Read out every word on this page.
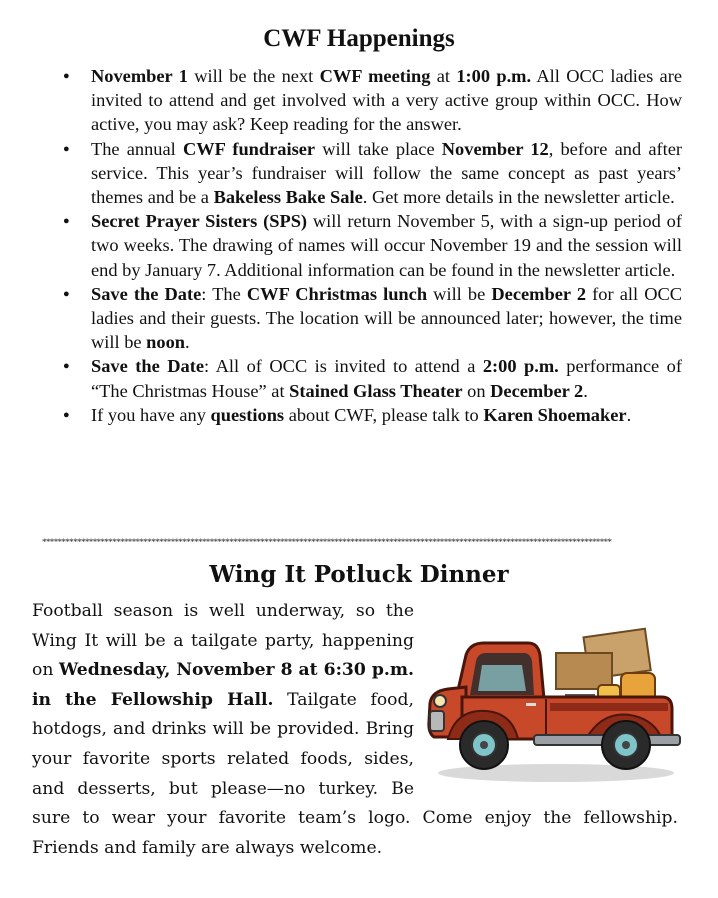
CWF Happenings
● November 1 will be the next CWF meeting at 1:00 p.m. All OCC ladies are invited to attend and get involved with a very active group within OCC. How active, you may ask? Keep reading for the answer.
● The annual CWF fundraiser will take place November 12, before and after service. This year’s fundraiser will follow the same concept as past years’ themes and be a Bakeless Bake Sale. Get more details in the newsletter article.
● Secret Prayer Sisters (SPS) will return November 5, with a sign-up period of two weeks. The drawing of names will occur November 19 and the session will end by January 7. Additional information can be found in the newsletter article.
● Save the Date: The CWF Christmas lunch will be December 2 for all OCC ladies and their guests. The location will be announced later; however, the time will be noon.
● Save the Date: All of OCC is invited to attend a 2:00 p.m. performance of “The Christmas House” at Stained Glass Theater on December 2.
● If you have any questions about CWF, please talk to Karen Shoemaker.
**************************************************************************************************************************************************
Wing It Potluck Dinner

Football season is well underway, so the Wing It will be a tailgate party, happening on Wednesday, November 8 at 6:30 p.m. in the Fellowship Hall. Tailgate food, hotdogs, and drinks will be provided. Bring your favorite sports related foods, sides, and desserts, but please—no turkey. Be sure to wear your favorite team’s logo. Come enjoy the fellowship. Friends and family are always welcome.
